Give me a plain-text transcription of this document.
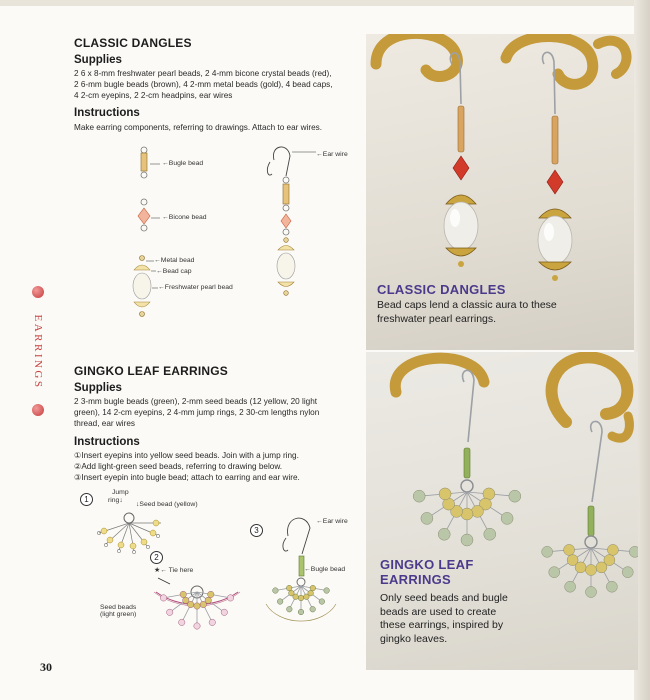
CLASSIC DANGLES
Supplies
2 6 x 8-mm freshwater pearl beads, 2 4-mm bicone crystal beads (red),
2 6-mm bugle beads (brown), 4 2-mm metal beads (gold), 4 bead caps,
4 2-cm eyepins, 2 2-cm headpins, ear wires
Instructions
Make earring components, referring to drawings. Attach to ear wires.
←Bugle bead
←Bicone bead
←Metal bead
←Bead cap
←Freshwater pearl bead
←Ear wire
EARRINGS	GINGKO LEAF EARRINGS
Supplies
2 3-mm bugle beads (green), 2-mm seed beads (12 yellow, 20 light
green), 14 2-cm eyepins, 2 4-mm jump rings, 2 30-cm lengths nylon
thread, ear wires
Instructions
①Insert eyepins into yellow seed beads. Join with a jump ring.
②Add light-green seed beads, referring to drawing below.
③Insert eyepin into bugle bead; attach to earring and ear wire.
1
2
3
Jump
ring↓
↓Seed bead (yellow)
★← Tie here
Seed beads
(light green)
←Ear wire
←Bugle bead
30
CLASSIC DANGLES
Bead caps lend a classic aura to these
freshwater pearl earrings.
GINGKO LEAF
EARRINGS
Only seed beads and bugle
beads are used to create
these earrings, inspired by
gingko leaves.
